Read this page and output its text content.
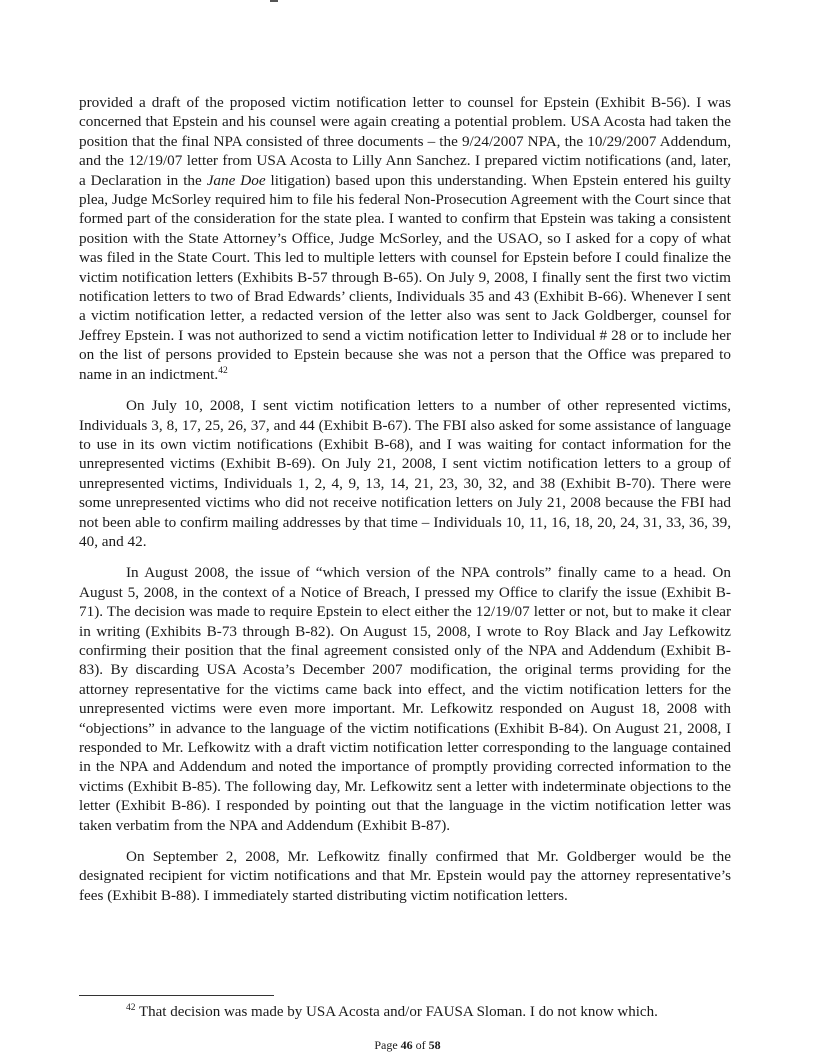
provided a draft of the proposed victim notification letter to counsel for Epstein (Exhibit B-56). I was concerned that Epstein and his counsel were again creating a potential problem. USA Acosta had taken the position that the final NPA consisted of three documents – the 9/24/2007 NPA, the 10/29/2007 Addendum, and the 12/19/07 letter from USA Acosta to Lilly Ann Sanchez. I prepared victim notifications (and, later, a Declaration in the Jane Doe litigation) based upon this understanding. When Epstein entered his guilty plea, Judge McSorley required him to file his federal Non-Prosecution Agreement with the Court since that formed part of the consideration for the state plea. I wanted to confirm that Epstein was taking a consistent position with the State Attorney’s Office, Judge McSorley, and the USAO, so I asked for a copy of what was filed in the State Court. This led to multiple letters with counsel for Epstein before I could finalize the victim notification letters (Exhibits B-57 through B-65). On July 9, 2008, I finally sent the first two victim notification letters to two of Brad Edwards’ clients, Individuals 35 and 43 (Exhibit B-66). Whenever I sent a victim notification letter, a redacted version of the letter also was sent to Jack Goldberger, counsel for Jeffrey Epstein. I was not authorized to send a victim notification letter to Individual # 28 or to include her on the list of persons provided to Epstein because she was not a person that the Office was prepared to name in an indictment.$^{42}$

On July 10, 2008, I sent victim notification letters to a number of other represented victims, Individuals 3, 8, 17, 25, 26, 37, and 44 (Exhibit B-67). The FBI also asked for some assistance of language to use in its own victim notifications (Exhibit B-68), and I was waiting for contact information for the unrepresented victims (Exhibit B-69). On July 21, 2008, I sent victim notification letters to a group of unrepresented victims, Individuals 1, 2, 4, 9, 13, 14, 21, 23, 30, 32, and 38 (Exhibit B-70). There were some unrepresented victims who did not receive notification letters on July 21, 2008 because the FBI had not been able to confirm mailing addresses by that time – Individuals 10, 11, 16, 18, 20, 24, 31, 33, 36, 39, 40, and 42.

In August 2008, the issue of “which version of the NPA controls” finally came to a head. On August 5, 2008, in the context of a Notice of Breach, I pressed my Office to clarify the issue (Exhibit B-71). The decision was made to require Epstein to elect either the 12/19/07 letter or not, but to make it clear in writing (Exhibits B-73 through B-82). On August 15, 2008, I wrote to Roy Black and Jay Lefkowitz confirming their position that the final agreement consisted only of the NPA and Addendum (Exhibit B-83). By discarding USA Acosta’s December 2007 modification, the original terms providing for the attorney representative for the victims came back into effect, and the victim notification letters for the unrepresented victims were even more important. Mr. Lefkowitz responded on August 18, 2008 with “objections” in advance to the language of the victim notifications (Exhibit B-84). On August 21, 2008, I responded to Mr. Lefkowitz with a draft victim notification letter corresponding to the language contained in the NPA and Addendum and noted the importance of promptly providing corrected information to the victims (Exhibit B-85). The following day, Mr. Lefkowitz sent a letter with indeterminate objections to the letter (Exhibit B-86). I responded by pointing out that the language in the victim notification letter was taken verbatim from the NPA and Addendum (Exhibit B-87).

On September 2, 2008, Mr. Lefkowitz finally confirmed that Mr. Goldberger would be the designated recipient for victim notifications and that Mr. Epstein would pay the attorney representative’s fees (Exhibit B-88). I immediately started distributing victim notification letters.

$^{42}$ That decision was made by USA Acosta and/or FAUSA Sloman. I do not know which.
Page 46 of 58
